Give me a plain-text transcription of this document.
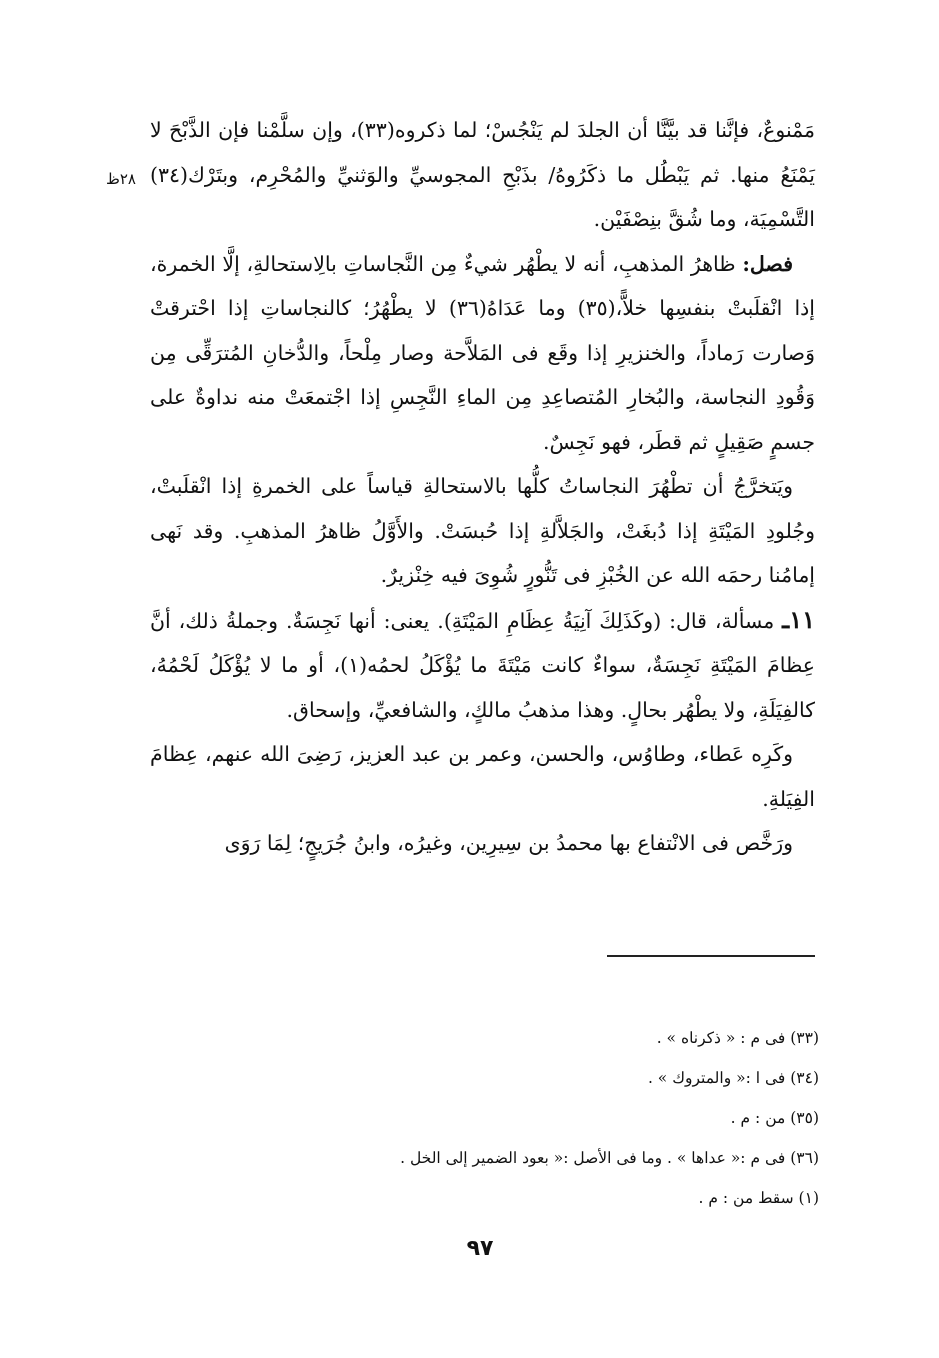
٢٨ظ

مَمْنوعٌ، فإنَّنا قد بيَّنَّا أن الجلدَ لم يَنْجُسْ؛ لما ذكروه(٣٣)، وإن سلَّمْنا فإن الذَّبْحَ لا يَمْنَعُ منها. ثم يَبْطُل ما ذكَرُوهُ/ بذَبْحِ المجوسيِّ والوَثنيِّ والمُحْرِم، وبتَرْك(٣٤) التَّسْمِيَة، وما شُقَّ بنِصْفَيْن.

فصل: ظاهرُ المذهبِ، أنه لا يطْهُر شيءٌ مِن النَّجاساتِ بالِاستحالةِ، إلَّا الخمرة، إذا انْقلَبتْ بنفسِها خلاًّ،(٣٥) وما عَدَاهُ(٣٦) لا يطْهُرُ؛ كالنجاساتِ إذا احْترقتْ وَصارت رَماداً، والخنزيرِ إذا وقَع فى المَلاَّحة وصار مِلْحاً، والدُّخانِ المُترَقِّى مِن وَقُودِ النجاسة، والبُخارِ المُتصاعِدِ مِن الماءِ النَّجِسِ إذا اجْتمعَتْ منه نداوةٌ على جسمٍ صَقِيلٍ ثم قطَر، فهو نَجِسٌ.

ويَتخرَّجُ أن تطْهُرَ النجاساتُ كلُّها بالاستحالةِ قياساً على الخمرةِ إذا انْقلَبتْ، وجُلودِ المَيْتَةِ إذا دُبغَتْ، والجَلاَّلةِ إذا حُبسَتْ. والأَوَّلُ ظاهرُ المذهبِ. وقد نَهى إمامُنا رحمَه الله عن الخُبْزِ فى تَنُّورٍ شُوِىَ فيه خِنْزيرٌ.

١١ـ مسألة، قال: (وكَذَلِكَ آنِيَةُ عِظَامِ المَيْتَةِ). يعنى: أنها نَجِسَةٌ. وجملةُ ذلك، أنَّ عِظامَ المَيْتَةِ نَجِسَةٌ، سواءٌ كانت مَيْتَةَ ما يُؤْكَلُ لحمُه(١)، أو ما لا يُؤْكَلُ لَحْمُهُ، كالفِيَلَةِ، ولا يطْهُر بحالٍ. وهذا مذهبُ مالكٍ، والشافعيِّ، وإسحاق.

وكَرِه عَطاء، وطاوُس، والحسن، وعمر بن عبد العزيز، رَضِىَ الله عنهم، عِظامَ الفِيَلةِ.

ورَخَّص فى الانْتفاع بها محمدُ بن سِيرِين، وغيرُه، وابنُ جُرَيجٍ؛ لِمَا رَوَى

(٣٣) فى م : « ذكرناه » .
(٣٤) فى ا :« والمتروك » .
(٣٥) من : م .
(٣٦) فى م :« عداها » . وما فى الأصل :« بعود الضمير إلى الخل .
(١) سقط من : م .
٩٧
